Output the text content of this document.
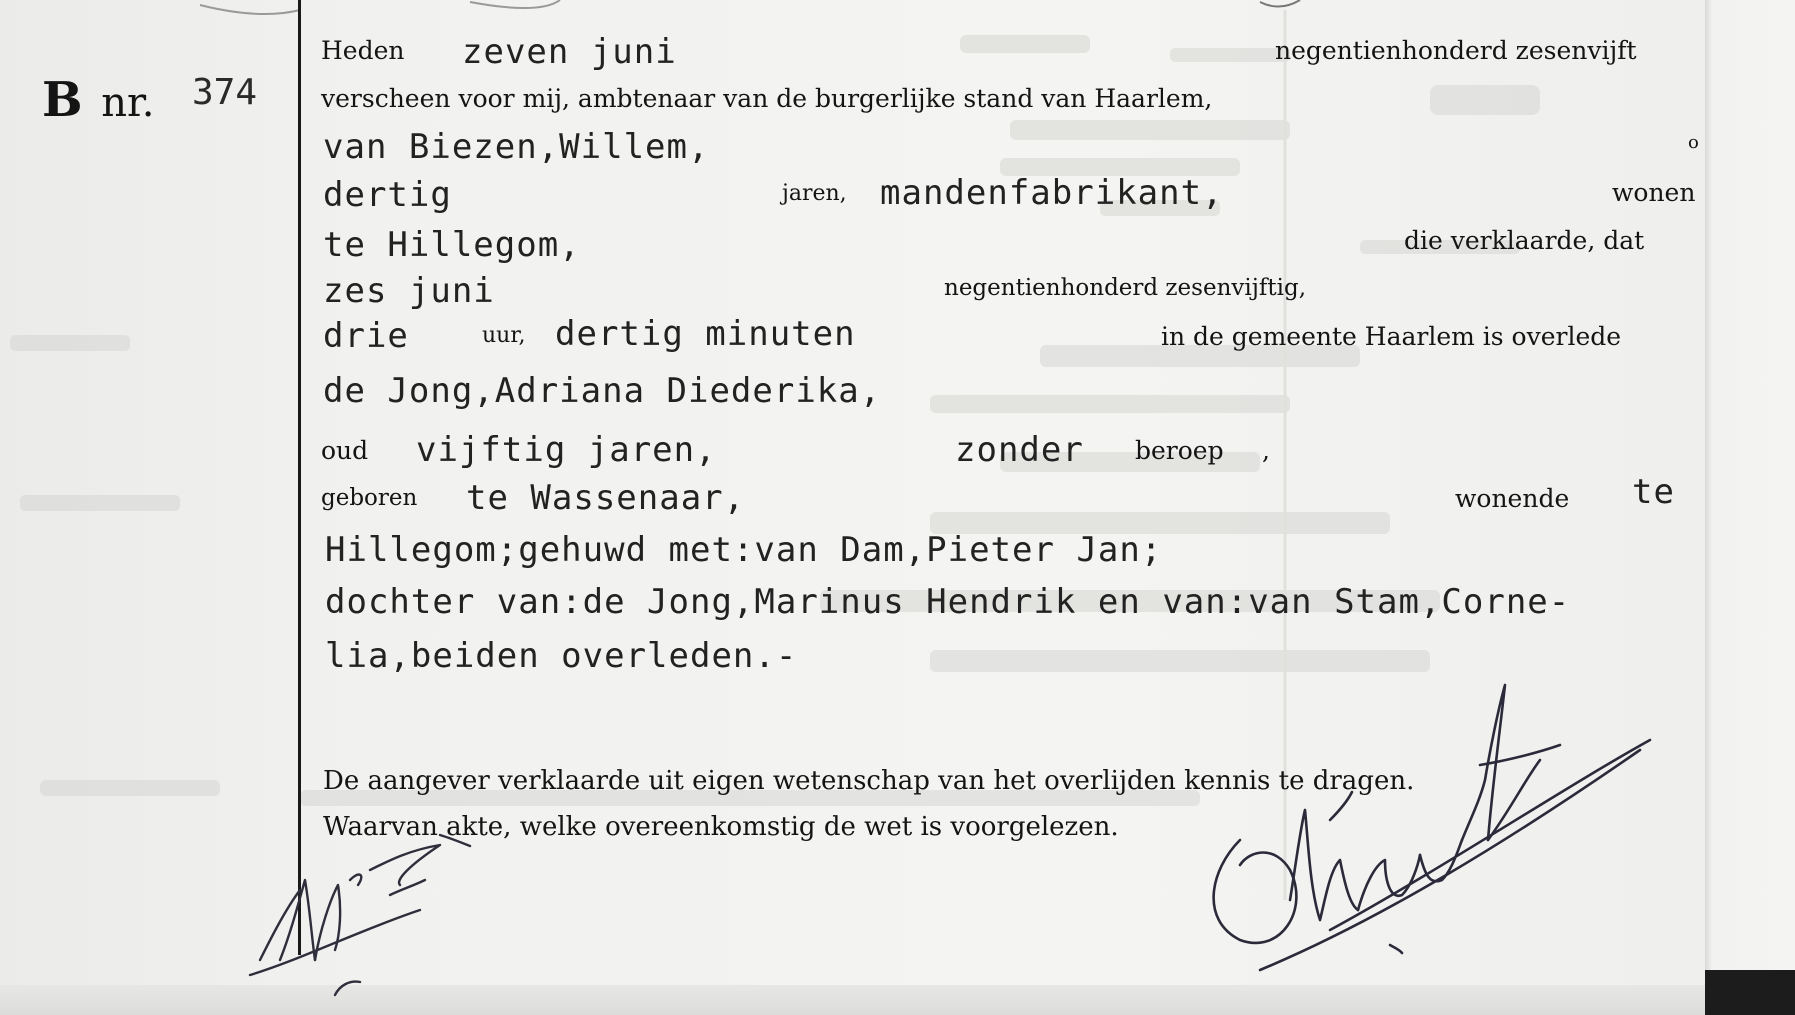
B nr. 374
Heden zeven juni	negentienhonderd zesenvijft
verscheen voor mij, ambtenaar van de burgerlijke stand van Haarlem,
van Biezen,Willem,	o
dertig	jaren, mandenfabrikant,	wonen
te Hillegom,	die verklaarde, dat
zes juni	negentienhonderd zesenvijftig,
drie	uur, dertig minuten	in de gemeente Haarlem is overlede
de Jong,Adriana Diederika,
oud vijftig jaren,	zonder beroep ,
geboren te Wassenaar,	wonende te
Hillegom;gehuwd met:van Dam,Pieter Jan;
dochter van:de Jong,Marinus Hendrik en van:van Stam,Corne-
lia,beiden overleden.-
De aangever verklaarde uit eigen wetenschap van het overlijden kennis te dragen.
Waarvan akte, welke overeenkomstig de wet is voorgelezen.
